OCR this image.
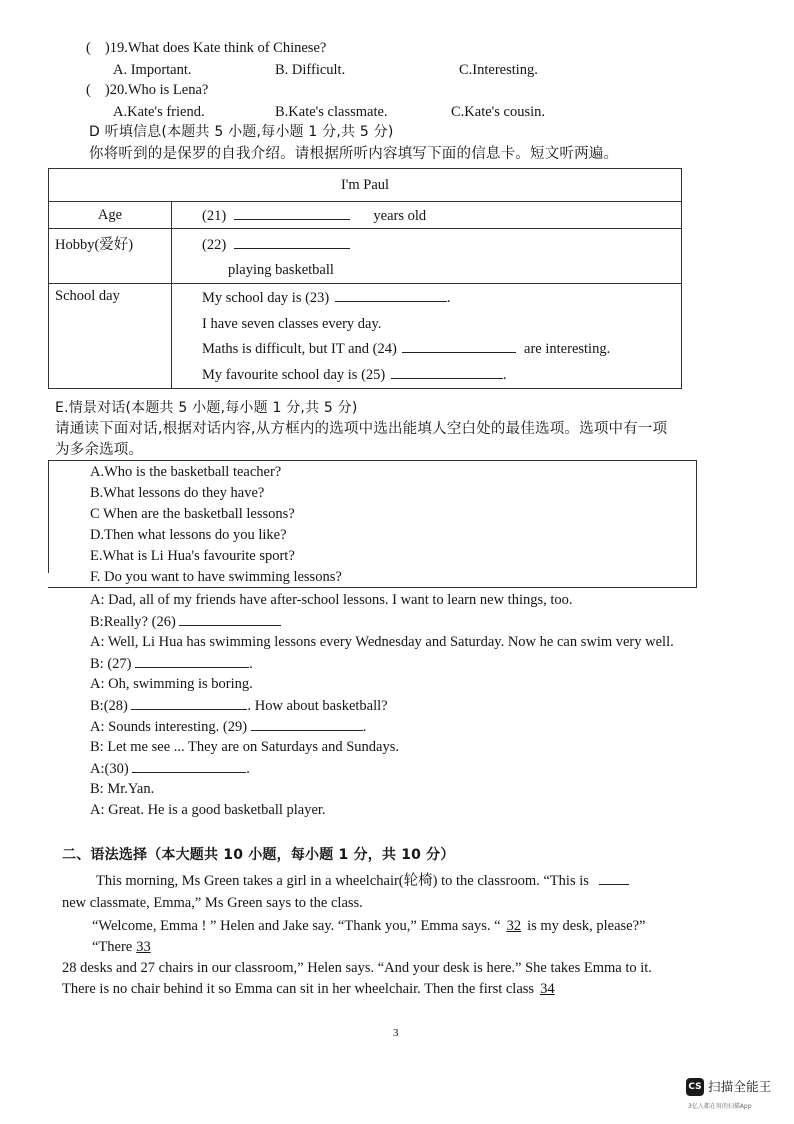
( )19.What does Kate think of Chinese?
A. Important.	B. Difficult.	C.Interesting.
( )20.Who is Lena?
A.Kate's friend.	B.Kate's classmate.	C.Kate's cousin.
D 听填信息(本题共 5 小题,每小题 1 分,共 5 分)
你将听到的是保罗的自我介绍。请根据所听内容填写下面的信息卡。短文听两遍。
I'm Paul	
Age	(21) years old
Hobby(爱好)	(22)
playing basketball
School day	My school day is (23) .
I have seven classes every day.
Maths is difficult, but IT and (24) are interesting.
My favourite school day is (25) .
E.情景对话(本题共 5 小题,每小题 1 分,共 5 分)
请通读下面对话,根据对话内容,从方框内的选项中选出能填人空白处的最佳选项。选项中有一项
为多余选项。
A.Who is the basketball teacher?
B.What lessons do they have?
C When are the basketball lessons?
D.Then what lessons do you like?
E.What is Li Hua's favourite sport?
F. Do you want to have swimming lessons?
A: Dad, all of my friends have after-school lessons. I want to learn new things, too.
B:Really? (26)
A: Well, Li Hua has swimming lessons every Wednesday and Saturday. Now he can swim very well.
B: (27)	.
A: Oh, swimming is boring.
B:(28)	. How about basketball?
A: Sounds interesting. (29)	.
B: Let me see ... They are on Saturdays and Sundays.
A:(30)	.
B: Mr.Yan.
A: Great. He is a good basketball player.
二、语法选择（本大题共 10 小题，每小题 1 分，共 10 分）
This morning, Ms Green takes a girl in a wheelchair(轮椅) to the classroom. “This is
new classmate, Emma,” Ms Green says to the class.
“Welcome, Emma ! ” Helen and Jake say. “Thank you,” Emma says. “ 32 is my desk, please?”
“There 33
28 desks and 27 chairs in our classroom,” Helen says. “And your desk is here.” She takes Emma to it.
There is no chair behind it so Emma can sit in her wheelchair. Then the first class 34
3
CS 扫描全能王
3亿人都在用的扫描App
